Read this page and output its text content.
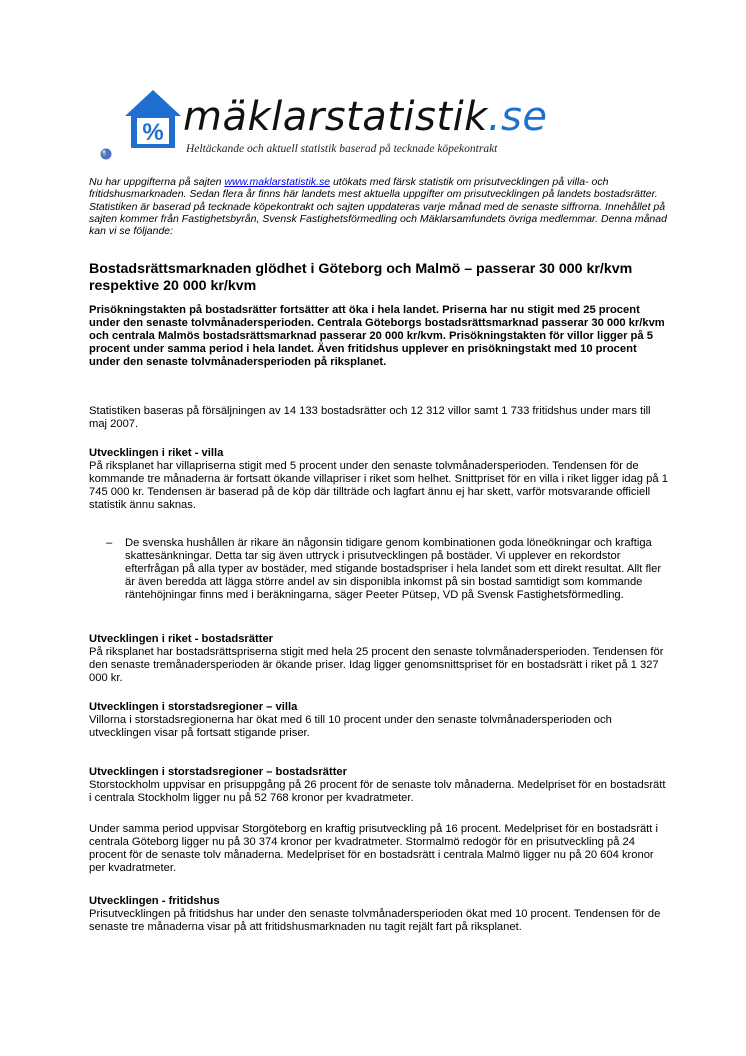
% mäklarstatistik.se
Heltäckande och aktuell statistik baserad på tecknade köpekontrakt
Nu har uppgifterna på sajten www.maklarstatistik.se utökats med färsk statistik om prisutvecklingen på villa- och fritidshusmarknaden. Sedan flera år finns här landets mest aktuella uppgifter om prisutvecklingen på landets bostadsrätter. Statistiken är baserad på tecknade köpekontrakt och sajten uppdateras varje månad med de senaste siffrorna. Innehållet på sajten kommer från Fastighetsbyrån, Svensk Fastighetsförmedling och Mäklarsamfundets övriga medlemmar. Denna månad kan vi se följande:
Bostadsrättsmarknaden glödhet i Göteborg och Malmö – passerar 30 000 kr/kvm respektive 20 000 kr/kvm
Prisökningstakten på bostadsrätter fortsätter att öka i hela landet. Priserna har nu stigit med 25 procent under den senaste tolvmånadersperioden. Centrala Göteborgs bostadsrättsmarknad passerar 30 000 kr/kvm och centrala Malmös bostadsrättsmarknad passerar 20 000 kr/kvm. Prisökningstakten för villor ligger på 5 procent under samma period i hela landet. Även fritidshus upplever en prisökningstakt med 10 procent under den senaste tolvmånadersperioden på riksplanet.
Statistiken baseras på försäljningen av 14 133 bostadsrätter och 12 312 villor samt 1 733 fritidshus under mars till maj 2007.
Utvecklingen i riket - villa
På riksplanet har villapriserna stigit med 5 procent under den senaste tolvmånadersperioden. Tendensen för de kommande tre månaderna är fortsatt ökande villapriser i riket som helhet. Snittpriset för en villa i riket ligger idag på 1 745 000 kr. Tendensen är baserad på de köp där tillträde och lagfart ännu ej har skett, varför motsvarande officiell statistik ännu saknas.
–	De svenska hushållen är rikare än någonsin tidigare genom kombinationen goda löneökningar och kraftiga skattesänkningar. Detta tar sig även uttryck i prisutvecklingen på bostäder. Vi upplever en rekordstor efterfrågan på alla typer av bostäder, med stigande bostadspriser i hela landet som ett direkt resultat. Allt fler är även beredda att lägga större andel av sin disponibla inkomst på sin bostad samtidigt som kommande räntehöjningar finns med i beräkningarna, säger Peeter Pütsep, VD på Svensk Fastighetsförmedling.
Utvecklingen i riket - bostadsrätter
På riksplanet har bostadsrättspriserna stigit med hela 25 procent den senaste tolvmånadersperioden. Tendensen för den senaste tremånadersperioden är ökande priser. Idag ligger genomsnittspriset för en bostadsrätt i riket på 1 327 000 kr.
Utvecklingen i storstadsregioner – villa
Villorna i storstadsregionerna har ökat med 6 till 10 procent under den senaste tolvmånadersperioden och utvecklingen visar på fortsatt stigande priser.
Utvecklingen i storstadsregioner – bostadsrätter
Storstockholm uppvisar en prisuppgång på 26 procent för de senaste tolv månaderna. Medelpriset för en bostadsrätt i centrala Stockholm ligger nu på 52 768 kronor per kvadratmeter.
Under samma period uppvisar Storgöteborg en kraftig prisutveckling på 16 procent. Medelpriset för en bostadsrätt i centrala Göteborg ligger nu på 30 374 kronor per kvadratmeter. Stormalmö redogör för en prisutveckling på 24 procent för de senaste tolv månaderna. Medelpriset för en bostadsrätt i centrala Malmö ligger nu på 20 604 kronor per kvadratmeter.
Utvecklingen - fritidshus
Prisutvecklingen på fritidshus har under den senaste tolvmånadersperioden ökat med 10 procent. Tendensen för de senaste tre månaderna visar på att fritidshusmarknaden nu tagit rejält fart på riksplanet.
